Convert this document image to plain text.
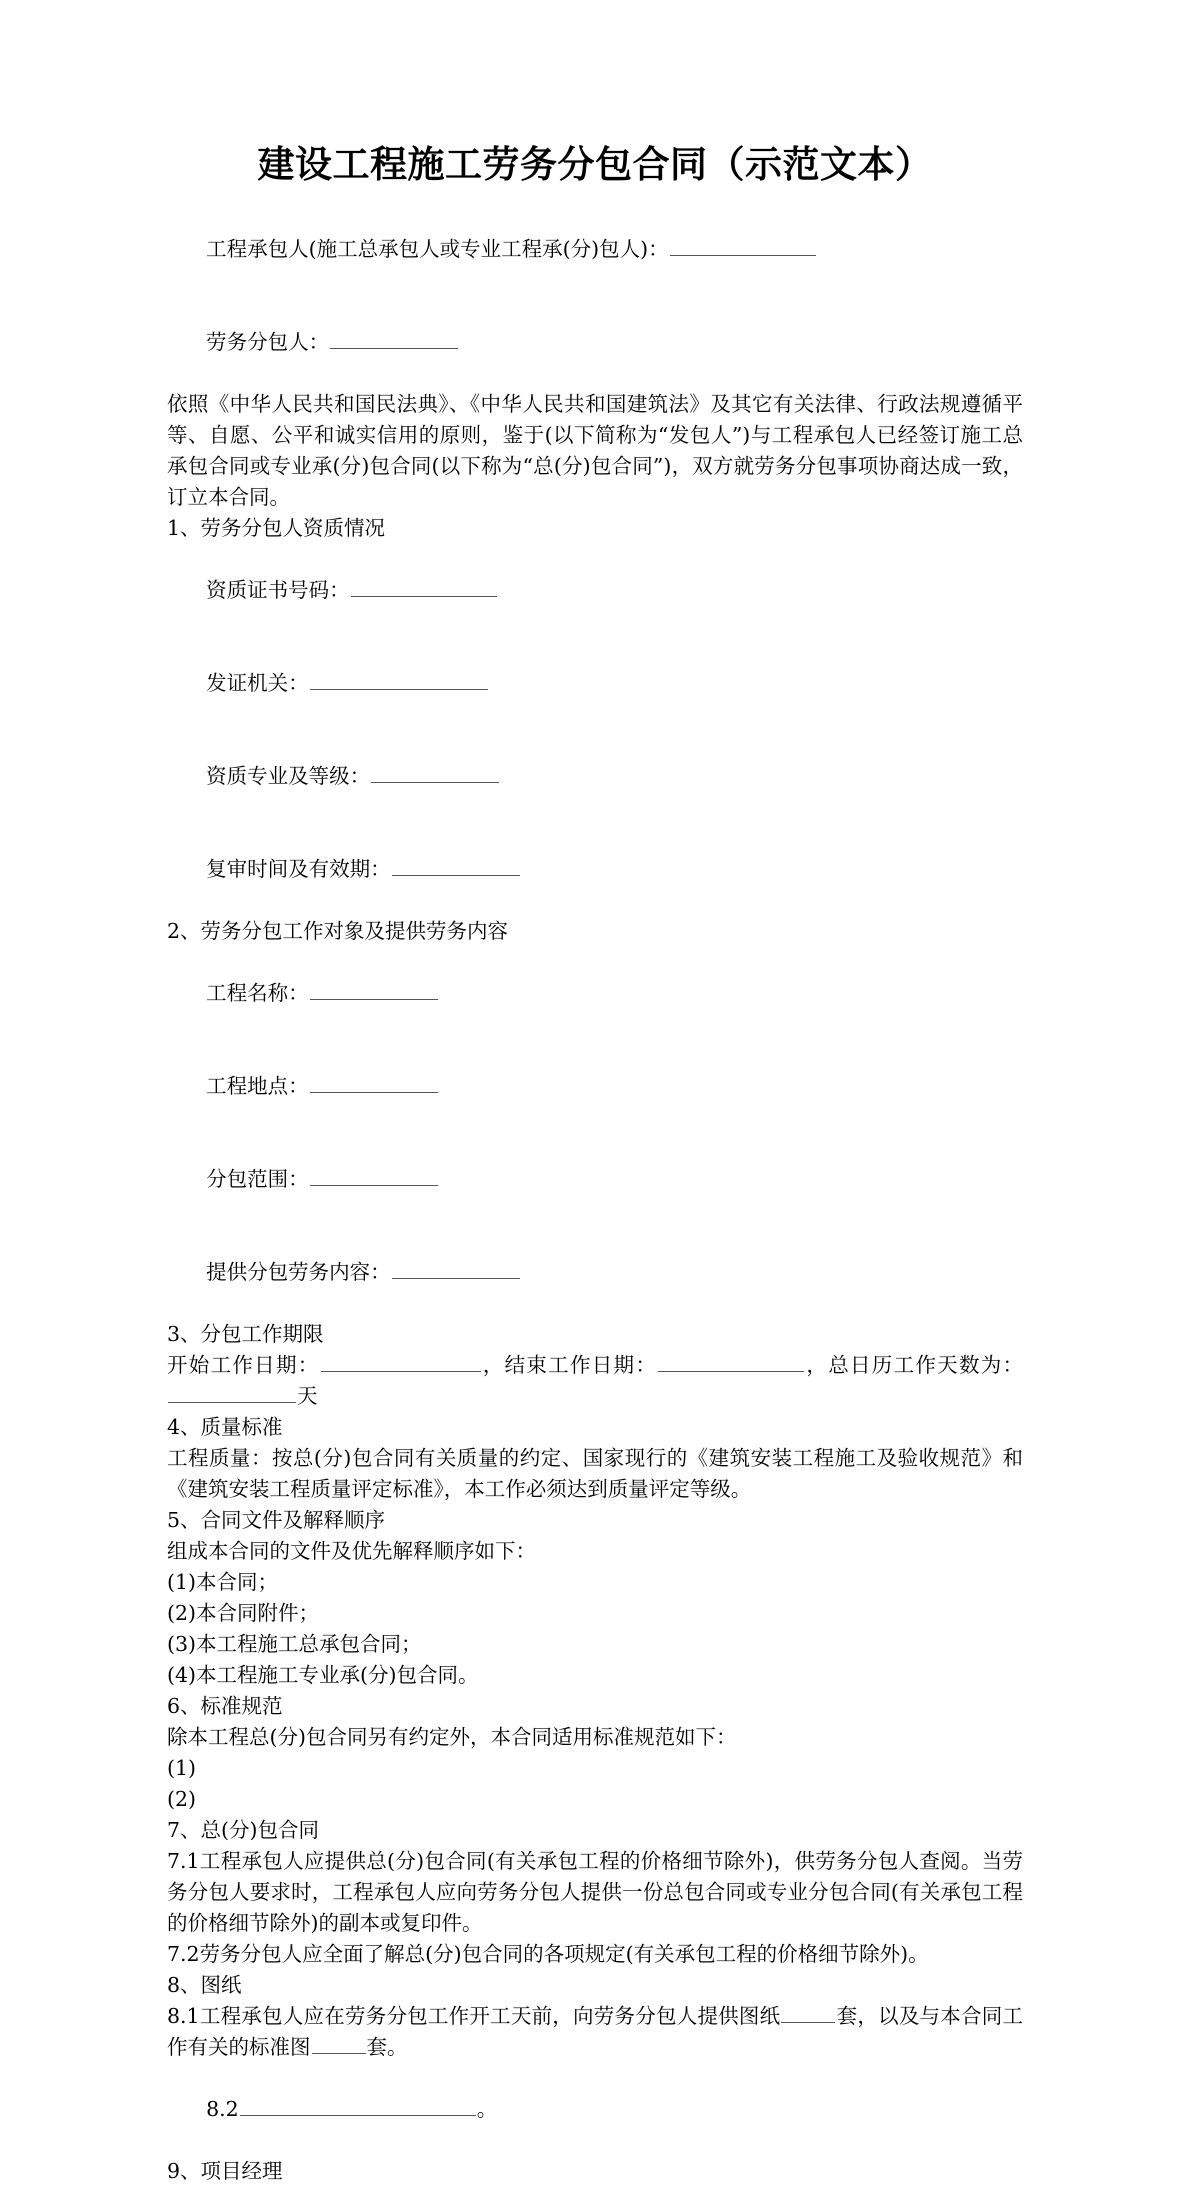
建设工程施工劳务分包合同（示范文本）

工程承包人(施工总承包人或专业工程承(分)包人)：

劳务分包人：

依照《中华人民共和国民法典》、《中华人民共和国建筑法》及其它有关法律、行政法规遵循平等、自愿、公平和诚实信用的原则，鉴于(以下简称为“发包人”)与工程承包人已经签订施工总承包合同或专业承(分)包合同(以下称为“总(分)包合同”)，双方就劳务分包事项协商达成一致，订立本合同。

1、劳务分包人资质情况

资质证书号码：

发证机关：

资质专业及等级：

复审时间及有效期：

2、劳务分包工作对象及提供劳务内容

工程名称：

工程地点：

分包范围：

提供分包劳务内容：

3、分包工作期限

开始工作日期：	，结束工作日期：	，总日历工作天数为：天

4、质量标准

工程质量：按总(分)包合同有关质量的约定、国家现行的《建筑安装工程施工及验收规范》和《建筑安装工程质量评定标准》，本工作必须达到质量评定等级。

5、合同文件及解释顺序

组成本合同的文件及优先解释顺序如下：

(1)本合同；

(2)本合同附件；

(3)本工程施工总承包合同；

(4)本工程施工专业承(分)包合同。

6、标准规范

除本工程总(分)包合同另有约定外，本合同适用标准规范如下：

(1)

(2)

7、总(分)包合同

7.1工程承包人应提供总(分)包合同(有关承包工程的价格细节除外)，供劳务分包人查阅。当劳务分包人要求时，工程承包人应向劳务分包人提供一份总包合同或专业分包合同(有关承包工程的价格细节除外)的副本或复印件。

7.2劳务分包人应全面了解总(分)包合同的各项规定(有关承包工程的价格细节除外)。

8、图纸

8.1工程承包人应在劳务分包工作开工天前，向劳务分包人提供图纸	套，以及与本合同工作有关的标准图	套。

8.2	。

9、项目经理
